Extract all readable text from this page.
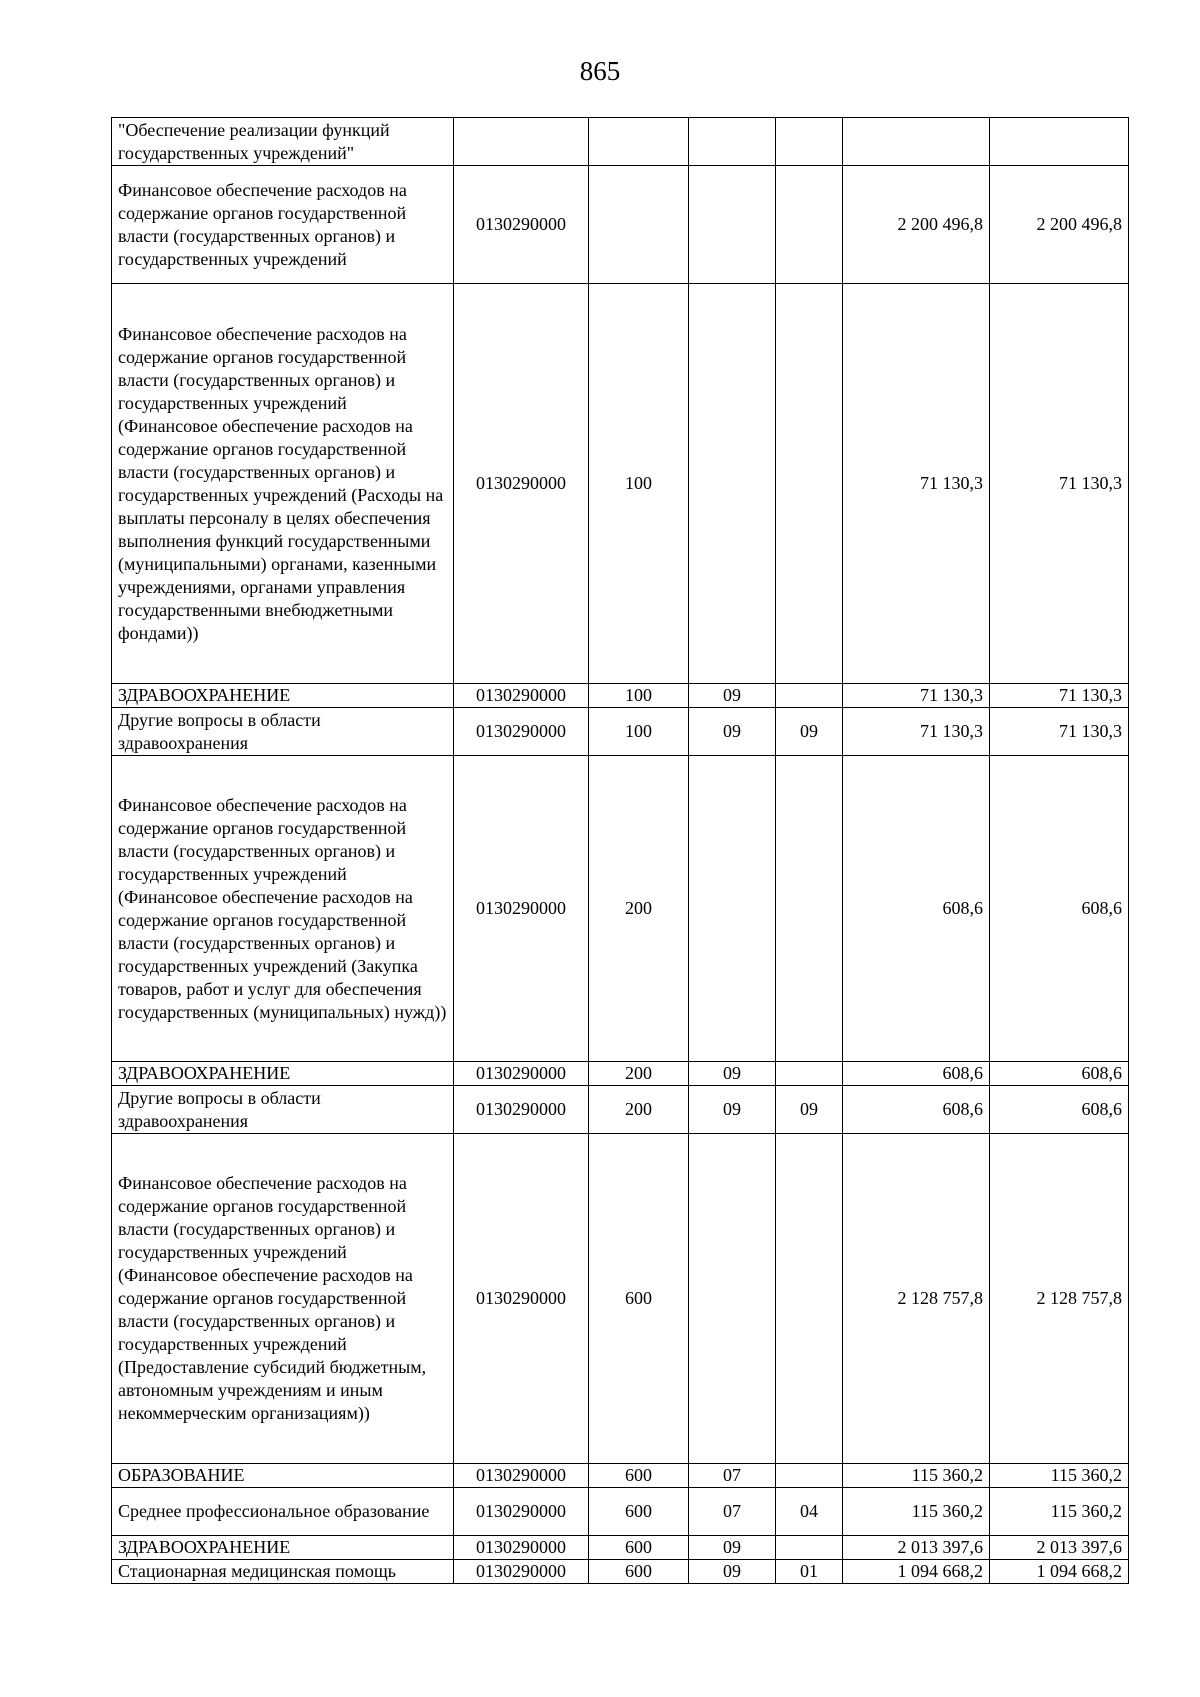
865
"Обеспечение реализации функций государственных учреждений"						
Финансовое обеспечение расходов на содержание органов государственной власти (государственных органов) и государственных учреждений	0130290000				2 200 496,8	2 200 496,8
Финансовое обеспечение расходов на содержание органов государственной власти (государственных органов) и государственных учреждений (Финансовое обеспечение расходов на содержание органов государственной власти (государственных органов) и государственных учреждений (Расходы на выплаты персоналу в целях обеспечения выполнения функций государственными (муниципальными) органами, казенными учреждениями, органами управления государственными внебюджетными фондами))	0130290000	100			71 130,3	71 130,3
ЗДРАВООХРАНЕНИЕ	0130290000	100	09		71 130,3	71 130,3
Другие вопросы в области здравоохранения	0130290000	100	09	09	71 130,3	71 130,3
Финансовое обеспечение расходов на содержание органов государственной власти (государственных органов) и государственных учреждений (Финансовое обеспечение расходов на содержание органов государственной власти (государственных органов) и государственных учреждений (Закупка товаров, работ и услуг для обеспечения государственных (муниципальных) нужд))	0130290000	200			608,6	608,6
ЗДРАВООХРАНЕНИЕ	0130290000	200	09		608,6	608,6
Другие вопросы в области здравоохранения	0130290000	200	09	09	608,6	608,6
Финансовое обеспечение расходов на содержание органов государственной власти (государственных органов) и государственных учреждений (Финансовое обеспечение расходов на содержание органов государственной власти (государственных органов) и государственных учреждений (Предоставление субсидий бюджетным, автономным учреждениям и иным некоммерческим организациям))	0130290000	600			2 128 757,8	2 128 757,8
ОБРАЗОВАНИЕ	0130290000	600	07		115 360,2	115 360,2
Среднее профессиональное образование	0130290000	600	07	04	115 360,2	115 360,2
ЗДРАВООХРАНЕНИЕ	0130290000	600	09		2 013 397,6	2 013 397,6
Стационарная медицинская помощь	0130290000	600	09	01	1 094 668,2	1 094 668,2
